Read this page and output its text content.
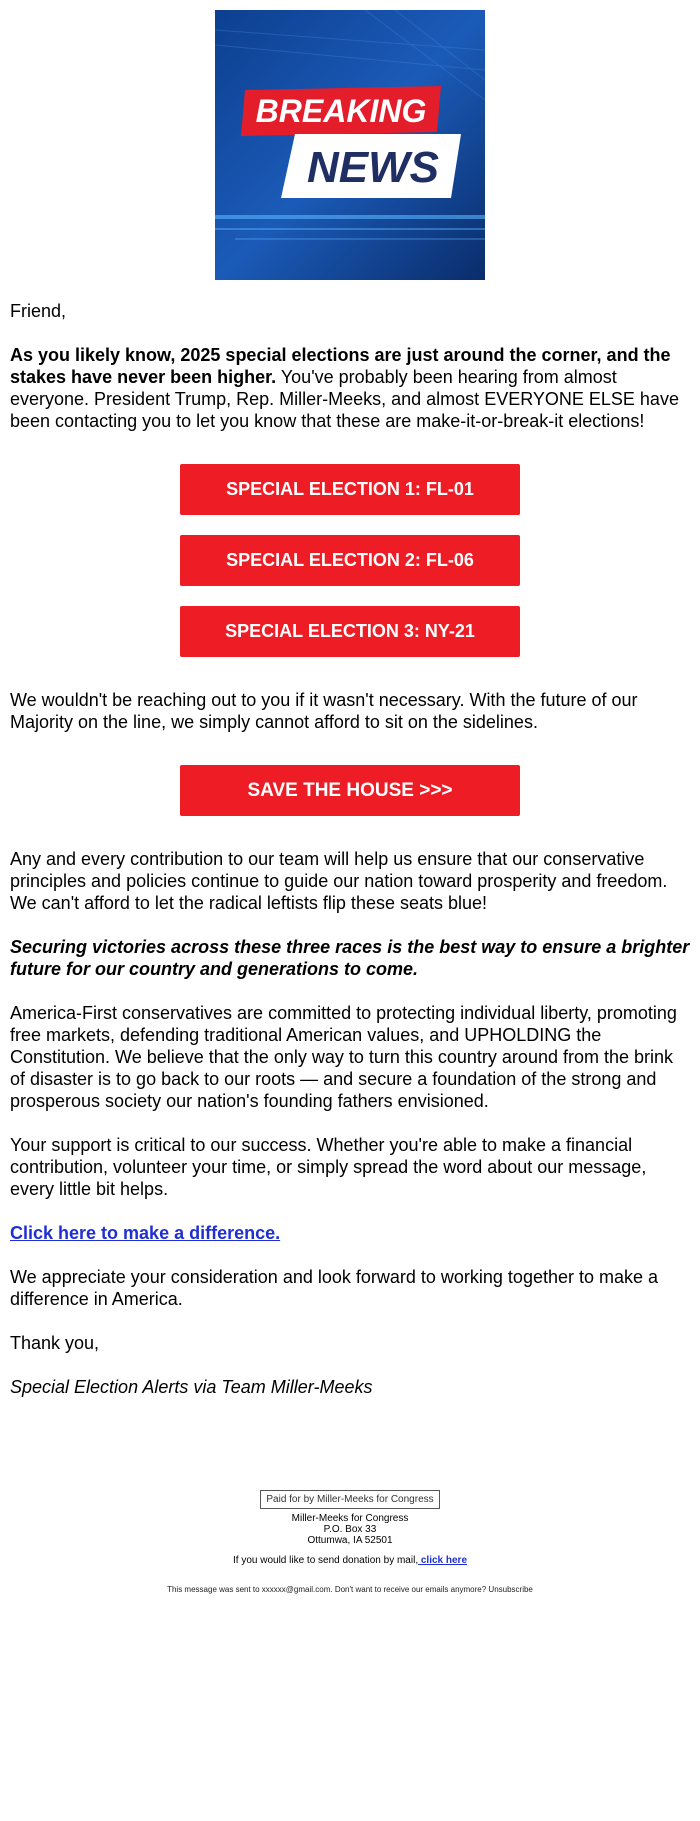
BREAKING
NEWS

Friend,

As you likely know, 2025 special elections are just around the corner, and the stakes have never been higher. You've probably been hearing from almost everyone. President Trump, Rep. Miller-Meeks, and almost EVERYONE ELSE have been contacting you to let you know that these are make-it-or-break-it elections!

SPECIAL ELECTION 1: FL-01
SPECIAL ELECTION 2: FL-06
SPECIAL ELECTION 3: NY-21

We wouldn't be reaching out to you if it wasn't necessary. With the future of our Majority on the line, we simply cannot afford to sit on the sidelines.

SAVE THE HOUSE >>>

Any and every contribution to our team will help us ensure that our conservative principles and policies continue to guide our nation toward prosperity and freedom. We can't afford to let the radical leftists flip these seats blue!

Securing victories across these three races is the best way to ensure a brighter future for our country and generations to come.

America-First conservatives are committed to protecting individual liberty, promoting free markets, defending traditional American values, and UPHOLDING the Constitution. We believe that the only way to turn this country around from the brink of disaster is to go back to our roots — and secure a foundation of the strong and prosperous society our nation's founding fathers envisioned.

Your support is critical to our success. Whether you're able to make a financial contribution, volunteer your time, or simply spread the word about our message, every little bit helps.

Click here to make a difference.

We appreciate your consideration and look forward to working together to make a difference in America.

Thank you,

Special Election Alerts via Team Miller-Meeks

Paid for by Miller-Meeks for Congress
Miller-Meeks for Congress
P.O. Box 33
Ottumwa, IA 52501
If you would like to send donation by mail, click here
This message was sent to xxxxxx@gmail.com. Don't want to receive our emails anymore? Unsubscribe
